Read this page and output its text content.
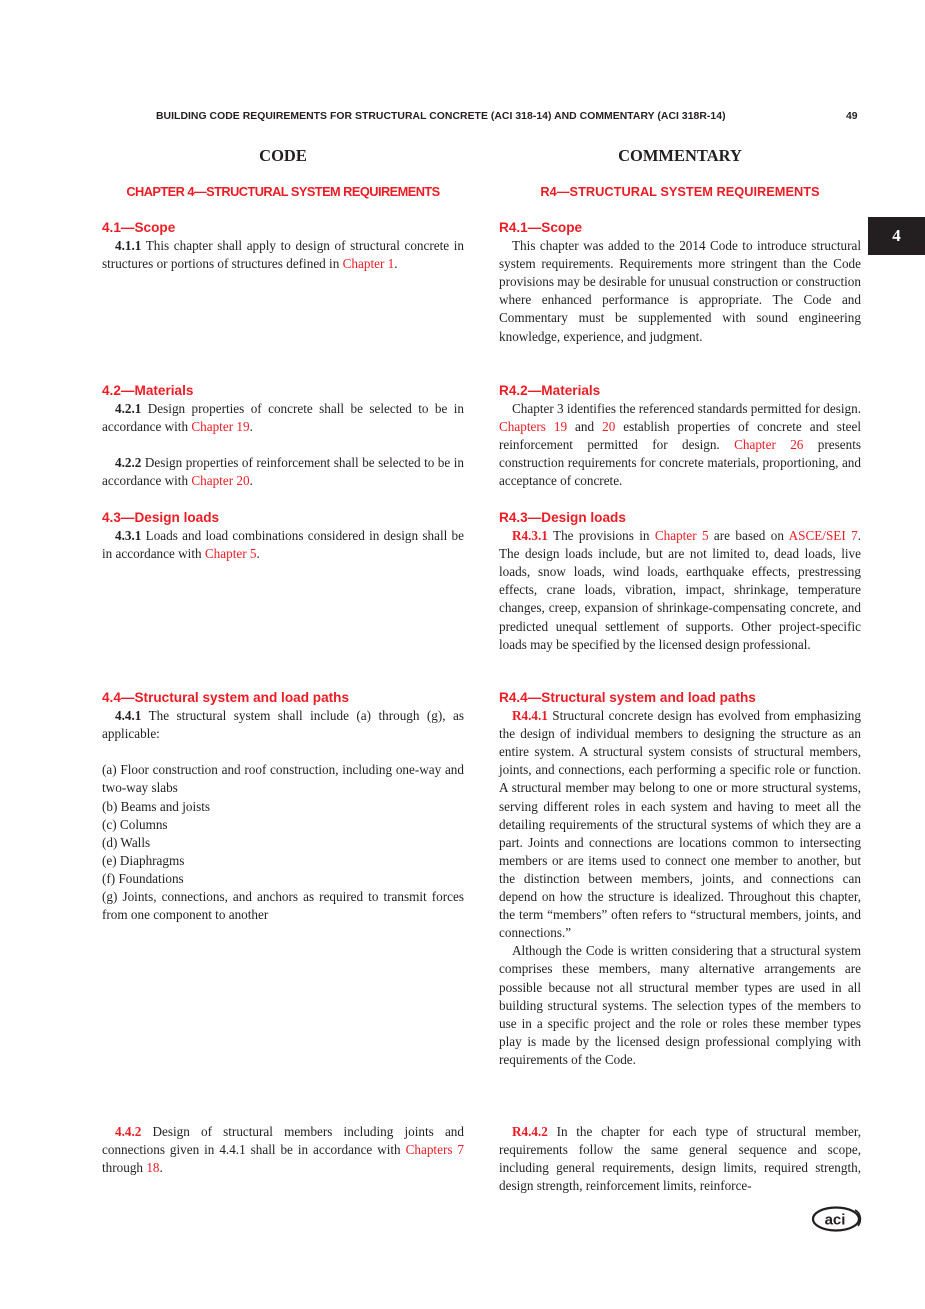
BUILDING CODE REQUIREMENTS FOR STRUCTURAL CONCRETE (ACI 318-14) AND COMMENTARY (ACI 318R-14)	49
4
CODE	COMMENTARY
CHAPTER 4—STRUCTURAL SYSTEM REQUIREMENTS	R4—STRUCTURAL SYSTEM REQUIREMENTS

4.1—Scope

4.1.1 This chapter shall apply to design of structural concrete in structures or portions of structures defined in Chapter 1.

4.2—Materials

4.2.1 Design properties of concrete shall be selected to be in accordance with Chapter 19.

4.2.2 Design properties of reinforcement shall be selected to be in accordance with Chapter 20.

4.3—Design loads

4.3.1 Loads and load combinations considered in design shall be in accordance with Chapter 5.

4.4—Structural system and load paths

4.4.1 The structural system shall include (a) through (g), as applicable:

(a) Floor construction and roof construction, including one-way and two-way slabs
(b) Beams and joists
(c) Columns
(d) Walls
(e) Diaphragms
(f) Foundations
(g) Joints, connections, and anchors as required to transmit forces from one component to another

4.4.2 Design of structural members including joints and connections given in 4.4.1 shall be in accordance with Chapters 7 through 18.

R4.1—Scope

This chapter was added to the 2014 Code to introduce structural system requirements. Requirements more stringent than the Code provisions may be desirable for unusual construction or construction where enhanced performance is appropriate. The Code and Commentary must be supplemented with sound engineering knowledge, experience, and judgment.

R4.2—Materials

Chapter 3 identifies the referenced standards permitted for design. Chapters 19 and 20 establish properties of concrete and steel reinforcement permitted for design. Chapter 26 presents construction requirements for concrete materials, proportioning, and acceptance of concrete.

R4.3—Design loads

R4.3.1 The provisions in Chapter 5 are based on ASCE/SEI 7. The design loads include, but are not limited to, dead loads, live loads, snow loads, wind loads, earthquake effects, prestressing effects, crane loads, vibration, impact, shrinkage, temperature changes, creep, expansion of shrinkage-compensating concrete, and predicted unequal settlement of supports. Other project-specific loads may be specified by the licensed design professional.

R4.4—Structural system and load paths

R4.4.1 Structural concrete design has evolved from emphasizing the design of individual members to designing the structure as an entire system. A structural system consists of structural members, joints, and connections, each performing a specific role or function. A structural member may belong to one or more structural systems, serving different roles in each system and having to meet all the detailing requirements of the structural systems of which they are a part. Joints and connections are locations common to intersecting members or are items used to connect one member to another, but the distinction between members, joints, and connections can depend on how the structure is idealized. Throughout this chapter, the term “members” often refers to “structural members, joints, and connections.”

Although the Code is written considering that a structural system comprises these members, many alternative arrangements are possible because not all structural member types are used in all building structural systems. The selection types of the members to use in a specific project and the role or roles these member types play is made by the licensed design professional complying with requirements of the Code.

R4.4.2 In the chapter for each type of structural member, requirements follow the same general sequence and scope, including general requirements, design limits, required strength, design strength, reinforcement limits, reinforce-

aci
